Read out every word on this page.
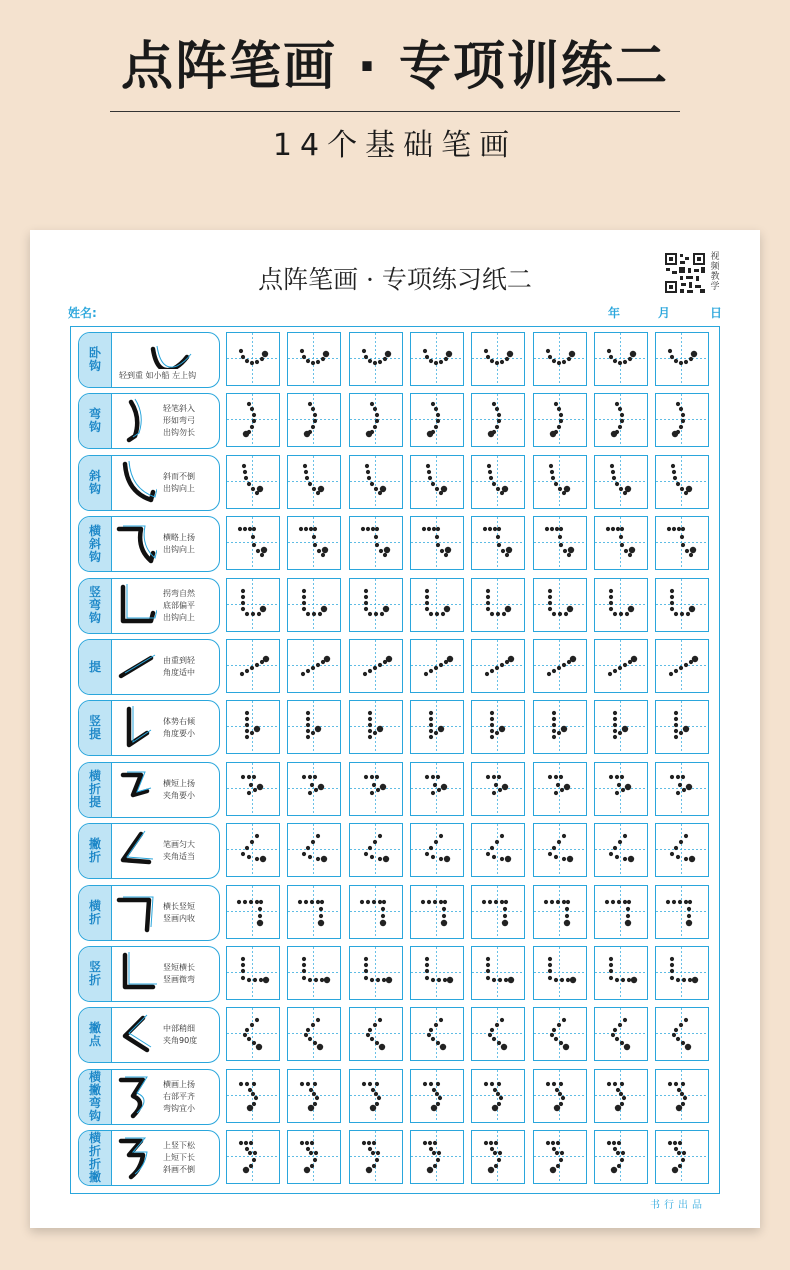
点阵笔画 · 专项训练二
14个基础笔画
点阵笔画 · 专项练习纸二
视频教学
姓名:	年	月	日
卧
钩
轻到重 如小船 左上钩
弯
钩
轻笔斜入
形如弯弓
出钩勿长
斜
钩
斜而不倒
出钩向上
横
斜
钩
横略上扬
出钩向上
竖
弯
钩
拐弯自然
底部偏平
出钩向上
提	由重到轻
角度适中
竖
提
体势右倾
角度要小
横
折
提
横短上扬
夹角要小
撇
折
笔画匀大
夹角适当
横
折
横长竖短
竖画内收
竖
折
竖短横长
竖画微弯
撇
点
中部稍细
夹角90度
横
撇
弯
钩
横画上扬
右部平齐
弯钩宜小
横
折
折
撇
上竖下松
上短下长
斜画不倒
书行出品
